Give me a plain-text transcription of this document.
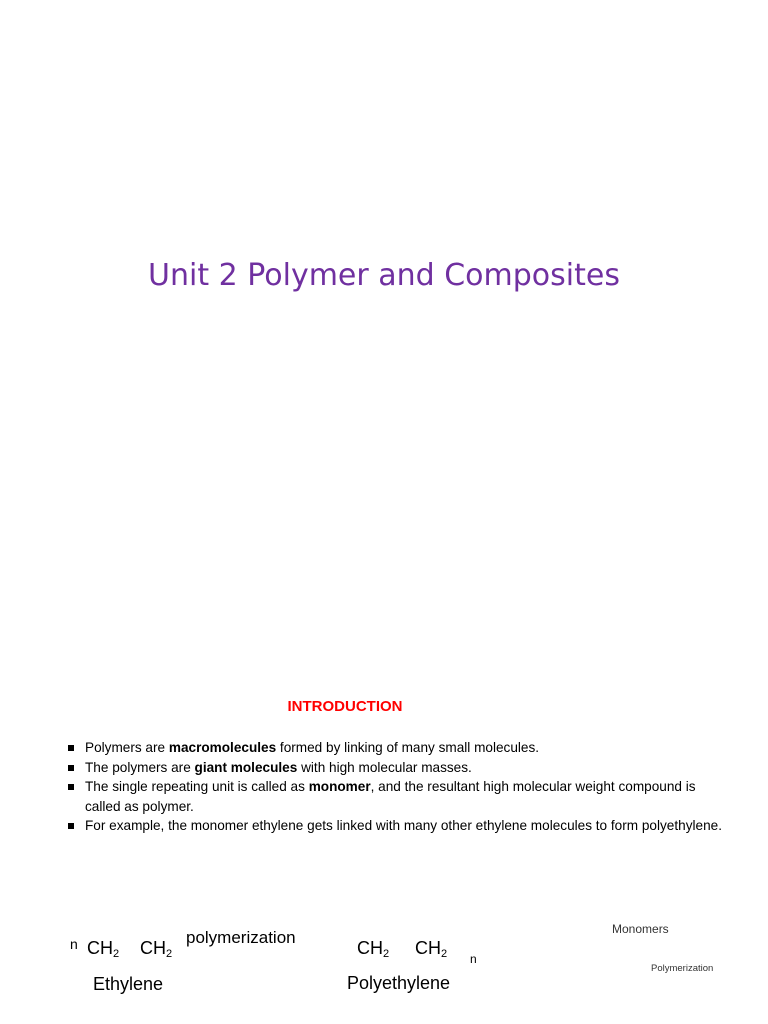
Unit 2 Polymer and Composites
INTRODUCTION
Polymers are macromolecules formed by linking of many small molecules.
The polymers are giant molecules with high molecular masses.
The single repeating unit is called as monomer, and the resultant high molecular weight compound is called as polymer.
For example, the monomer ethylene gets linked with many other ethylene molecules to form polyethylene.
n $CH_2$ $CH_2$
polymerization
$CH_2$ $CH_2$ n
Ethylene	Polyethylene
Monomers
Polymerization
